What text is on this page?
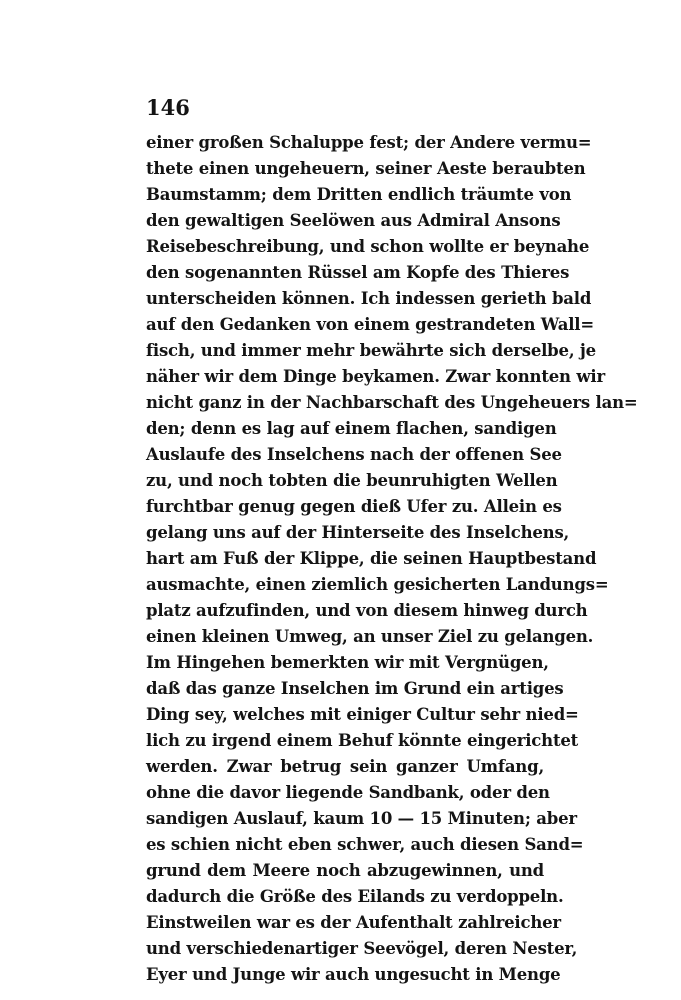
146
einer großen Schaluppe fest; der Andere vermu=
thete einen ungeheuern, seiner Aeste beraubten
Baumstamm; dem Dritten endlich träumte von
den gewaltigen Seelöwen aus Admiral Ansons
Reisebeschreibung, und schon wollte er beynahe
den sogenannten Rüssel am Kopfe des Thieres
unterscheiden können. Ich indessen gerieth bald
auf den Gedanken von einem gestrandeten Wall=
fisch, und immer mehr bewährte sich derselbe, je
näher wir dem Dinge beykamen. Zwar konnten wir
nicht ganz in der Nachbarschaft des Ungeheuers lan=
den; denn es lag auf einem flachen, sandigen
Auslaufe des Inselchens nach der offenen See
zu, und noch tobten die beunruhigten Wellen
furchtbar genug gegen dieß Ufer zu. Allein es
gelang uns auf der Hinterseite des Inselchens,
hart am Fuß der Klippe, die seinen Hauptbestand
ausmachte, einen ziemlich gesicherten Landungs=
platz aufzufinden, und von diesem hinweg durch
einen kleinen Umweg, an unser Ziel zu gelangen.
Im Hingehen bemerkten wir mit Vergnügen,
daß das ganze Inselchen im Grund ein artiges
Ding sey, welches mit einiger Cultur sehr nied=
lich zu irgend einem Behuf könnte eingerichtet
werden. Zwar betrug sein ganzer Umfang,
ohne die davor liegende Sandbank, oder den
sandigen Auslauf, kaum 10 — 15 Minuten; aber
es schien nicht eben schwer, auch diesen Sand=
grund dem Meere noch abzugewinnen, und
dadurch die Größe des Eilands zu verdoppeln.
Einstweilen war es der Aufenthalt zahlreicher
und verschiedenartiger Seevögel, deren Nester,
Eyer und Junge wir auch ungesucht in Menge
